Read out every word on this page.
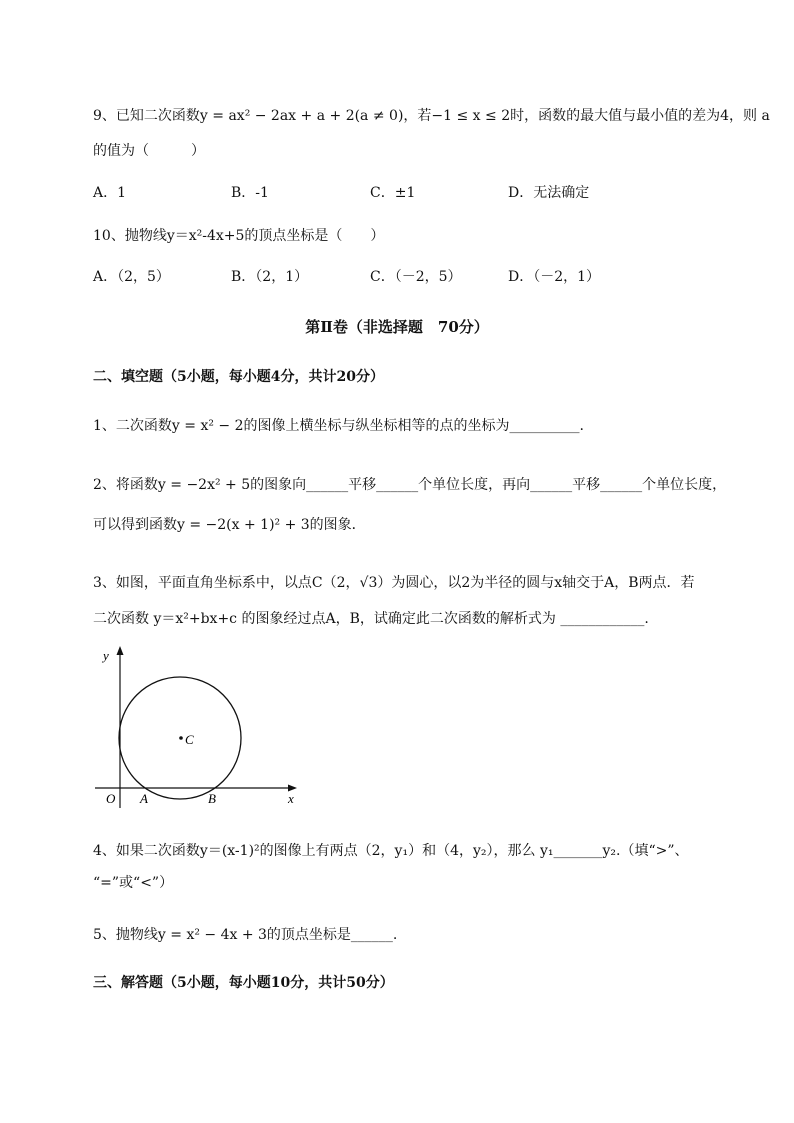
9、已知二次函数y = ax² − 2ax + a + 2(a ≠ 0)，若−1 ≤ x ≤ 2时，函数的最大值与最小值的差为4，则 a
的值为（　　　）
A．1	B．-1	C．±1	D．无法确定
10、抛物线y＝x²-4x+5的顶点坐标是（　　）
A．（2，5）	B．（2，1）	C．（－2，5）	D．（－2，1）
第Ⅱ卷（非选择题　70分）
二、填空题（5小题，每小题4分，共计20分）
1、二次函数y = x² − 2的图像上横坐标与纵坐标相等的点的坐标为__________.
2、将函数y = −2x² + 5的图象向______平移______个单位长度，再向______平移______个单位长度，
可以得到函数y = −2(x + 1)² + 3的图象．
3、如图，平面直角坐标系中，以点C（2，√3）为圆心，以2为半径的圆与x轴交于A，B两点．若
二次函数 y＝x²+bx+c 的图象经过点A，B，试确定此二次函数的解析式为 ____________.
C
y
x
O A	B
4、如果二次函数y＝(x-1)²的图像上有两点（2，y₁）和（4，y₂），那么 y₁_______y₂.（填“>”、
“=”或“<”）
5、抛物线y = x² − 4x + 3的顶点坐标是______.
三、解答题（5小题，每小题10分，共计50分）
